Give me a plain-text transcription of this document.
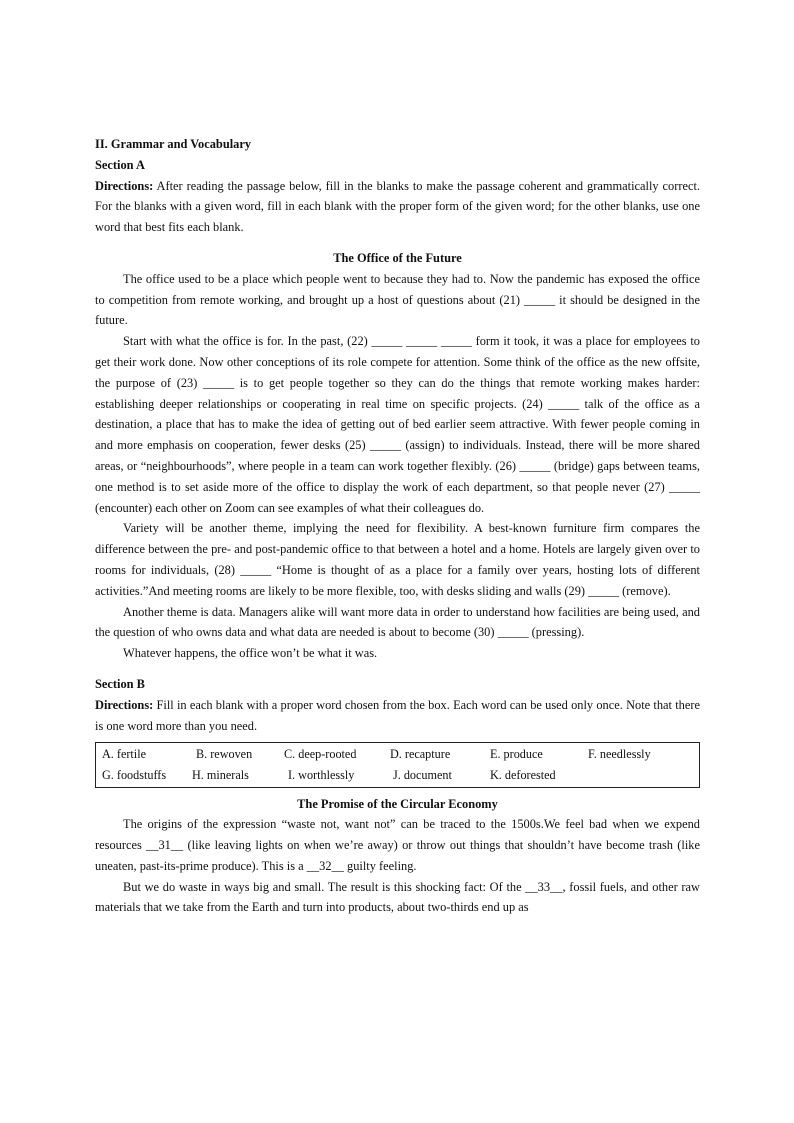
II. Grammar and Vocabulary

Section A

Directions: After reading the passage below, fill in the blanks to make the passage coherent and grammatically correct. For the blanks with a given word, fill in each blank with the proper form of the given word; for the other blanks, use one word that best fits each blank.

The Office of the Future

The office used to be a place which people went to because they had to. Now the pandemic has exposed the office to competition from remote working, and brought up a host of questions about (21) _____ it should be designed in the future.

Start with what the office is for. In the past, (22) _____ _____ _____ form it took, it was a place for employees to get their work done. Now other conceptions of its role compete for attention. Some think of the office as the new offsite, the purpose of (23) _____ is to get people together so they can do the things that remote working makes harder: establishing deeper relationships or cooperating in real time on specific projects. (24) _____ talk of the office as a destination, a place that has to make the idea of getting out of bed earlier seem attractive. With fewer people coming in and more emphasis on cooperation, fewer desks (25) _____ (assign) to individuals. Instead, there will be more shared areas, or “neighbourhoods”, where people in a team can work together flexibly. (26) _____ (bridge) gaps between teams, one method is to set aside more of the office to display the work of each department, so that people never (27) _____ (encounter) each other on Zoom can see examples of what their colleagues do.

Variety will be another theme, implying the need for flexibility. A best-known furniture firm compares the difference between the pre- and post-pandemic office to that between a hotel and a home. Hotels are largely given over to rooms for individuals, (28) _____ “Home is thought of as a place for a family over years, hosting lots of different activities.”And meeting rooms are likely to be more flexible, too, with desks sliding and walls (29) _____ (remove).

Another theme is data. Managers alike will want more data in order to understand how facilities are being used, and the question of who owns data and what data are needed is about to become (30) _____ (pressing).

Whatever happens, the office won’t be what it was.

Section B

Directions: Fill in each blank with a proper word chosen from the box. Each word can be used only once. Note that there is one word more than you need.

A. fertile	B. rewoven	C. deep-rooted	D. recapture	E. produce	F. needlessly
G. foodstuffs	H. minerals	I. worthlessly	J. document	K. deforested

The Promise of the Circular Economy

The origins of the expression “waste not, want not” can be traced to the 1500s.We feel bad when we expend resources __31__ (like leaving lights on when we’re away) or throw out things that shouldn’t have become trash (like uneaten, past-its-prime produce). This is a __32__ guilty feeling.

But we do waste in ways big and small. The result is this shocking fact: Of the __33__, fossil fuels, and other raw materials that we take from the Earth and turn into products, about two-thirds end up as
